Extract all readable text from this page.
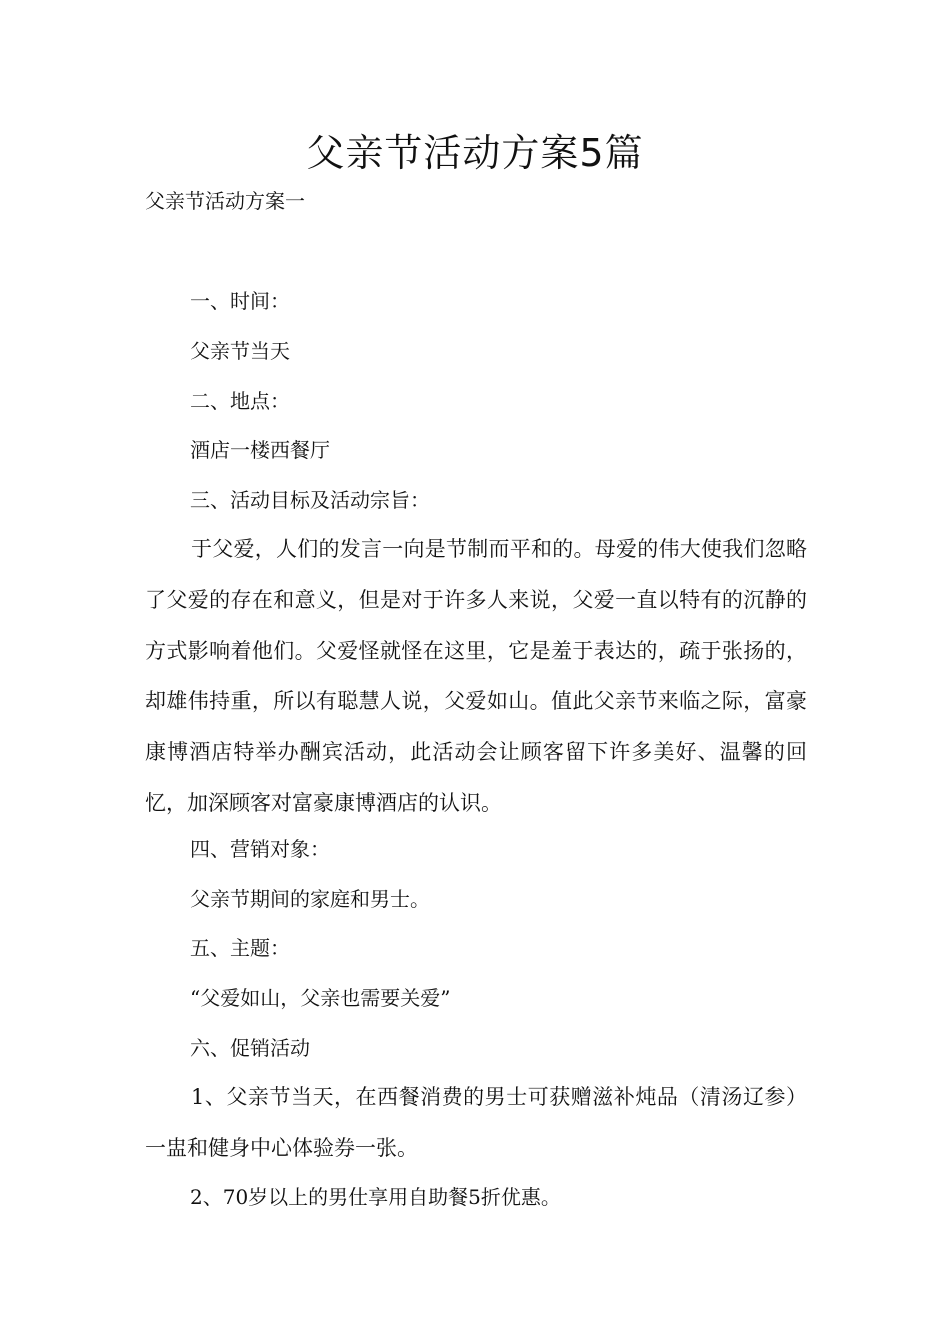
父亲节活动方案5篇

父亲节活动方案一

一、时间：

父亲节当天

二、地点：

酒店一楼西餐厅

三、活动目标及活动宗旨：

于父爱，人们的发言一向是节制而平和的。母爱的伟大使我们忽略了父爱的存在和意义，但是对于许多人来说，父爱一直以特有的沉静的方式影响着他们。父爱怪就怪在这里，它是羞于表达的，疏于张扬的，却雄伟持重，所以有聪慧人说，父爱如山。值此父亲节来临之际，富豪康博酒店特举办酬宾活动，此活动会让顾客留下许多美好、温馨的回忆，加深顾客对富豪康博酒店的认识。

四、营销对象：

父亲节期间的家庭和男士。

五、主题：

“父爱如山，父亲也需要关爱”

六、促销活动

1、父亲节当天，在西餐消费的男士可获赠滋补炖品（清汤辽参）一盅和健身中心体验券一张。

2、70岁以上的男仕享用自助餐5折优惠。
